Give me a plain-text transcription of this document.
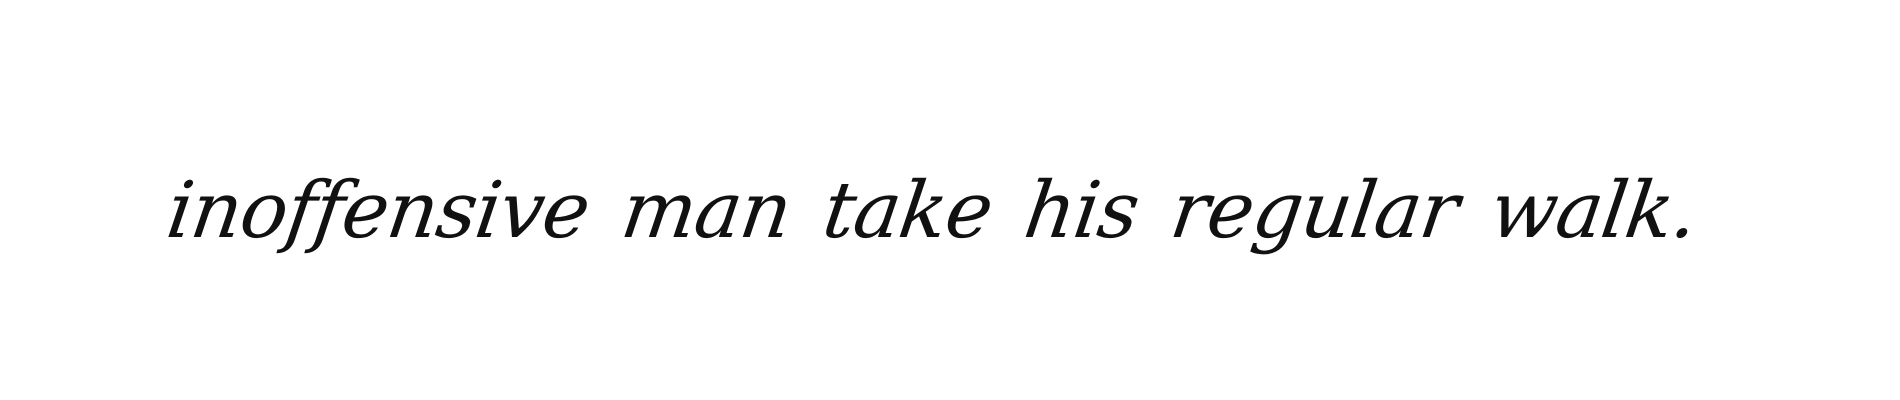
inoffensive man take his regular walk.
